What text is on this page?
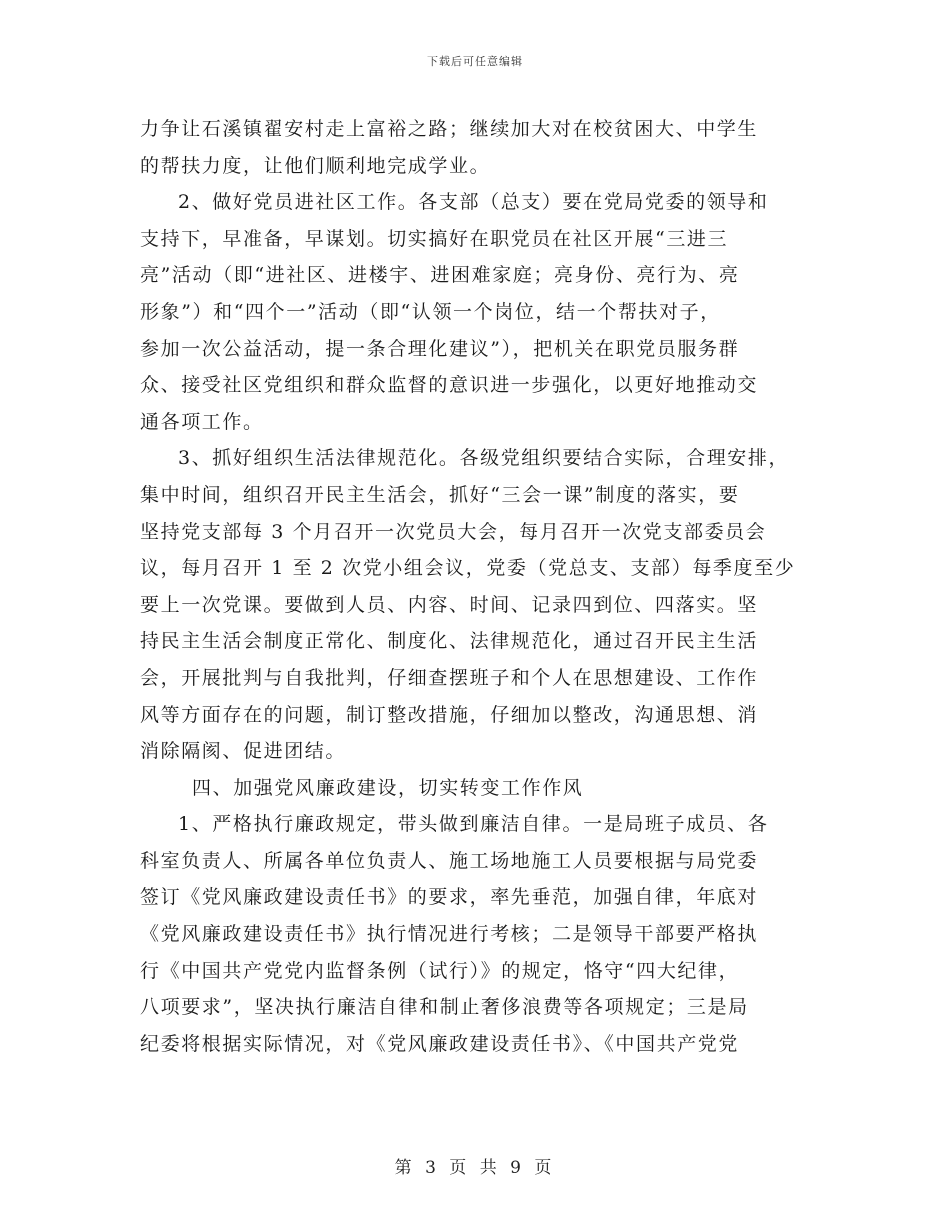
下载后可任意编辑
力争让石溪镇翟安村走上富裕之路；继续加大对在校贫困大、中学生
的帮扶力度，让他们顺利地完成学业。
2、做好党员进社区工作。各支部（总支）要在党局党委的领导和
支持下，早准备，早谋划。切实搞好在职党员在社区开展“三进三
亮”活动（即“进社区、进楼宇、进困难家庭；亮身份、亮行为、亮
形象”）和“四个一”活动（即“认领一个岗位，结一个帮扶对子，
参加一次公益活动，提一条合理化建议”），把机关在职党员服务群
众、接受社区党组织和群众监督的意识进一步强化，以更好地推动交
通各项工作。
3、抓好组织生活法律规范化。各级党组织要结合实际，合理安排，
集中时间，组织召开民主生活会，抓好“三会一课”制度的落实，要
坚持党支部每 3 个月召开一次党员大会，每月召开一次党支部委员会
议，每月召开 1 至 2 次党小组会议，党委（党总支、支部）每季度至少
要上一次党课。要做到人员、内容、时间、记录四到位、四落实。坚
持民主生活会制度正常化、制度化、法律规范化，通过召开民主生活
会，开展批判与自我批判，仔细查摆班子和个人在思想建设、工作作
风等方面存在的问题，制订整改措施，仔细加以整改，沟通思想、消
消除隔阂、促进团结。
四、加强党风廉政建设，切实转变工作作风
1、严格执行廉政规定，带头做到廉洁自律。一是局班子成员、各
科室负责人、所属各单位负责人、施工场地施工人员要根据与局党委
签订《党风廉政建设责任书》的要求，率先垂范，加强自律，年底对
《党风廉政建设责任书》执行情况进行考核；二是领导干部要严格执
行《中国共产党党内监督条例（试行）》的规定，恪守“四大纪律，
八项要求”，坚决执行廉洁自律和制止奢侈浪费等各项规定；三是局
纪委将根据实际情况，对《党风廉政建设责任书》、《中国共产党党
第 3 页 共 9 页
